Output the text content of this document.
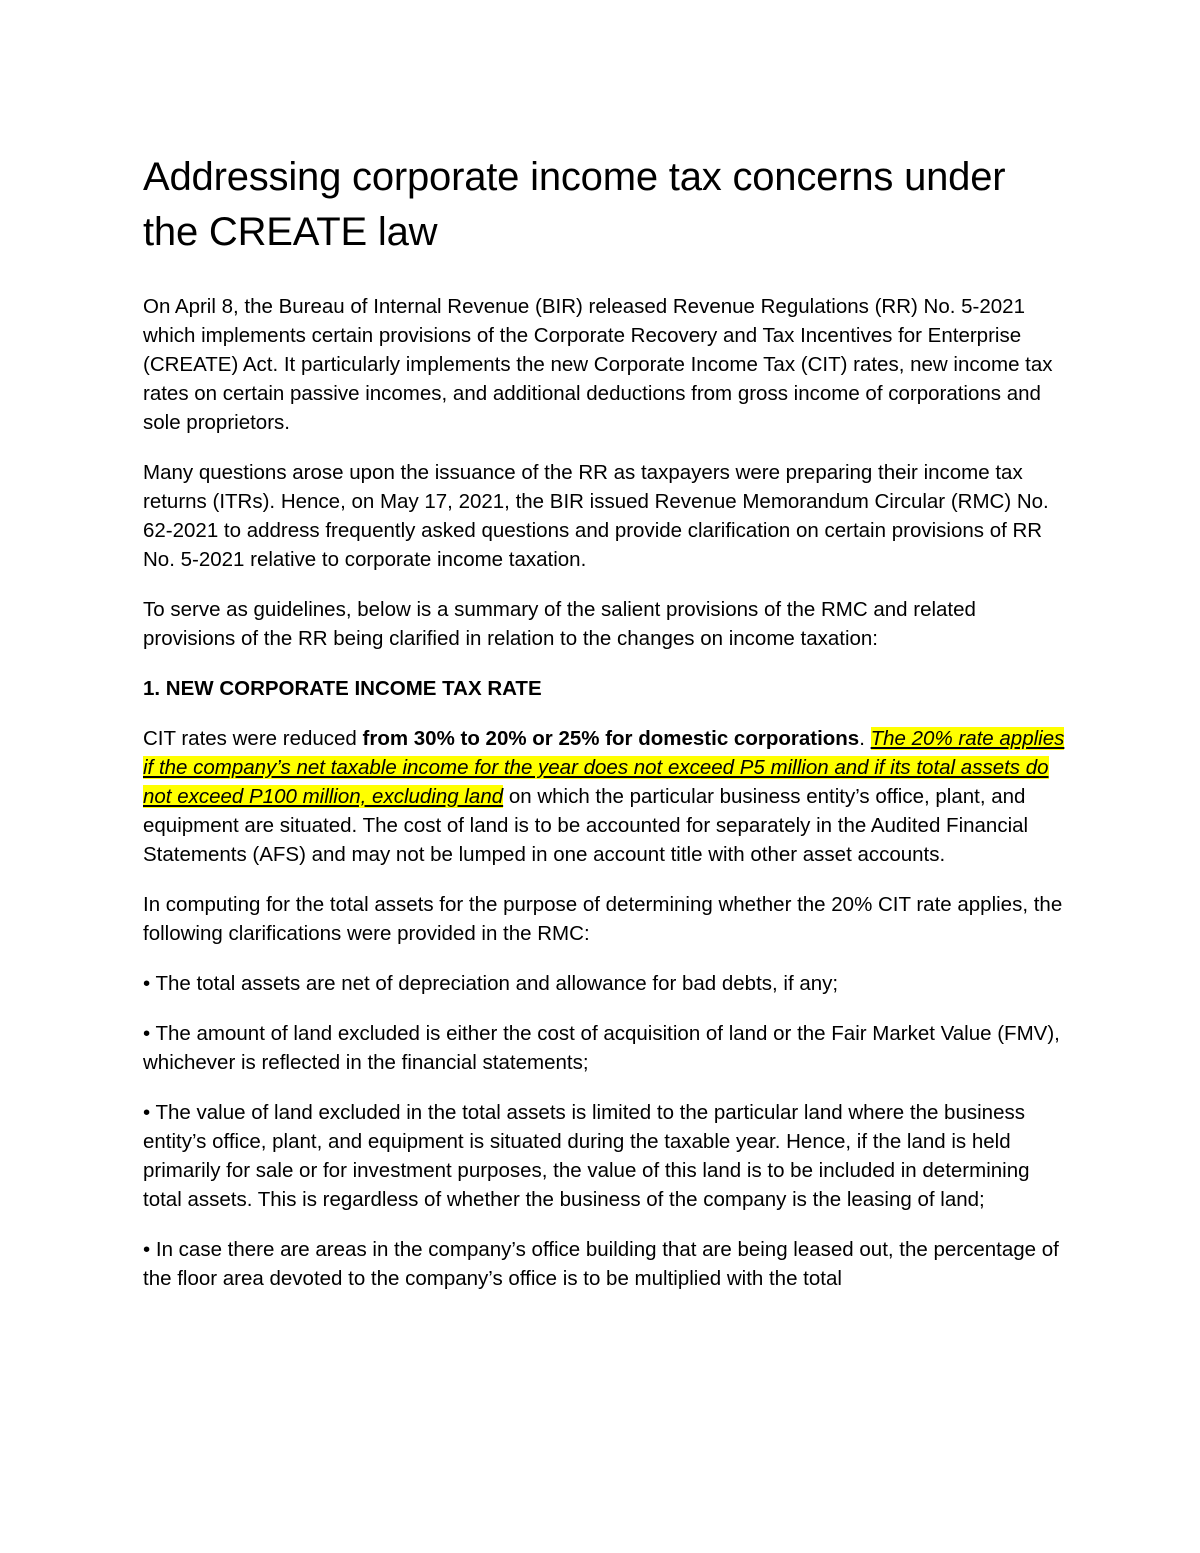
Addressing corporate income tax concerns under the CREATE law

On April 8, the Bureau of Internal Revenue (BIR) released Revenue Regulations (RR) No. 5-2021 which implements certain provisions of the Corporate Recovery and Tax Incentives for Enterprise (CREATE) Act. It particularly implements the new Corporate Income Tax (CIT) rates, new income tax rates on certain passive incomes, and additional deductions from gross income of corporations and sole proprietors.

Many questions arose upon the issuance of the RR as taxpayers were preparing their income tax returns (ITRs). Hence, on May 17, 2021, the BIR issued Revenue Memorandum Circular (RMC) No. 62-2021 to address frequently asked questions and provide clarification on certain provisions of RR No. 5-2021 relative to corporate income taxation.

To serve as guidelines, below is a summary of the salient provisions of the RMC and related provisions of the RR being clarified in relation to the changes on income taxation:

1. NEW CORPORATE INCOME TAX RATE

CIT rates were reduced from 30% to 20% or 25% for domestic corporations. The 20% rate applies if the company’s net taxable income for the year does not exceed P5 million and if its total assets do not exceed P100 million, excluding land on which the particular business entity’s office, plant, and equipment are situated. The cost of land is to be accounted for separately in the Audited Financial Statements (AFS) and may not be lumped in one account title with other asset accounts.

In computing for the total assets for the purpose of determining whether the 20% CIT rate applies, the following clarifications were provided in the RMC:

• The total assets are net of depreciation and allowance for bad debts, if any;

• The amount of land excluded is either the cost of acquisition of land or the Fair Market Value (FMV), whichever is reflected in the financial statements;

• The value of land excluded in the total assets is limited to the particular land where the business entity’s office, plant, and equipment is situated during the taxable year. Hence, if the land is held primarily for sale or for investment purposes, the value of this land is to be included in determining total assets. This is regardless of whether the business of the company is the leasing of land;

• In case there are areas in the company’s office building that are being leased out, the percentage of the floor area devoted to the company’s office is to be multiplied with the total
